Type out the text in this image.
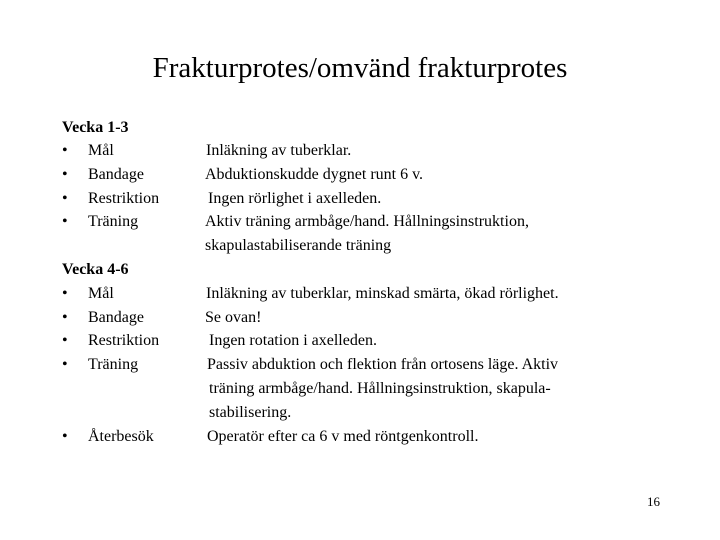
Frakturprotes/omvänd frakturprotes
Vecka 1-3
• Mål
• Bandage
• Restriktion
• Träning
Inläkning av tuberklar.
Abduktionskudde dygnet runt 6 v.
Ingen rörlighet i axelleden.
Aktiv träning armbåge/hand. Hållningsinstruktion,
skapulastabiliserande träning
Vecka 4-6
• Mål
• Bandage
• Restriktion
• Träning
• Återbesök
Inläkning av tuberklar, minskad smärta, ökad rörlighet.
Se ovan!
Ingen rotation i axelleden.
Passiv abduktion och flektion från ortosens läge. Aktiv
träning armbåge/hand. Hållningsinstruktion, skapula-
stabilisering.
Operatör efter ca 6 v med röntgenkontroll.
16
